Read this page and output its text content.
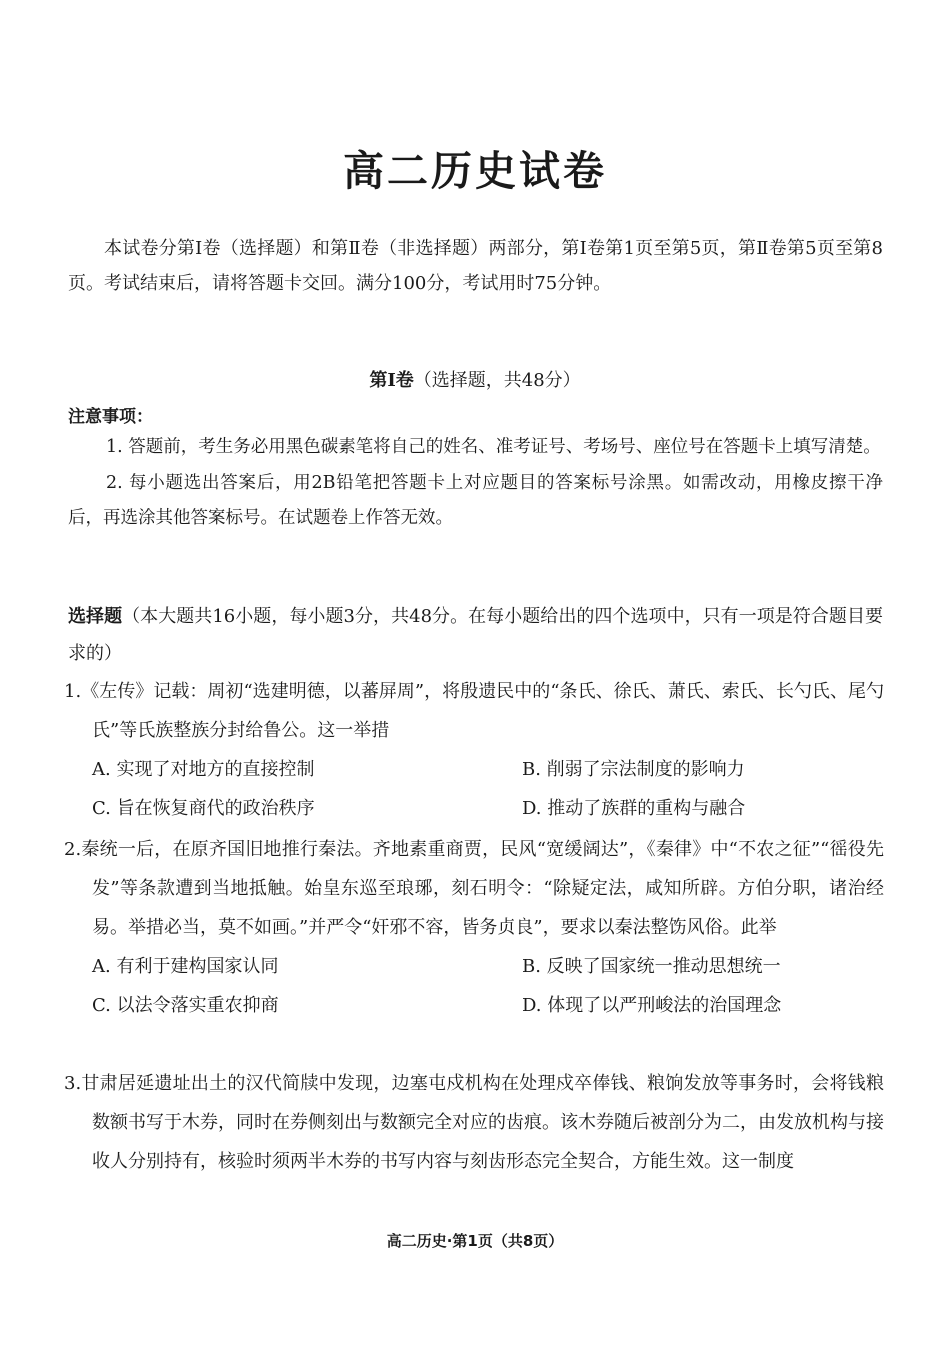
高二历史试卷

本试卷分第Ⅰ卷（选择题）和第Ⅱ卷（非选择题）两部分，第Ⅰ卷第1页至第5页，第Ⅱ卷第5页至第8页。考试结束后，请将答题卡交回。满分100分，考试用时75分钟。

第Ⅰ卷（选择题，共48分）
注意事项：

1. 答题前，考生务必用黑色碳素笔将自己的姓名、准考证号、考场号、座位号在答题卡上填写清楚。

2. 每小题选出答案后，用2B铅笔把答题卡上对应题目的答案标号涂黑。如需改动，用橡皮擦干净后，再选涂其他答案标号。在试题卷上作答无效。

选择题（本大题共16小题，每小题3分，共48分。在每小题给出的四个选项中，只有一项是符合题目要求的）
1.《左传》记载：周初“选建明德，以蕃屏周”，将殷遗民中的“条氏、徐氏、萧氏、索氏、长勺氏、尾勺氏”等氏族整族分封给鲁公。这一举措
A. 实现了对地方的直接控制	B. 削弱了宗法制度的影响力
C. 旨在恢复商代的政治秩序	D. 推动了族群的重构与融合
2.秦统一后，在原齐国旧地推行秦法。齐地素重商贾，民风“宽缓阔达”，《秦律》中“不农之征”“徭役先发”等条款遭到当地抵触。始皇东巡至琅琊，刻石明令：“除疑定法，咸知所辟。方伯分职，诸治经易。举措必当，莫不如画。”并严令“奸邪不容，皆务贞良”，要求以秦法整饬风俗。此举
A. 有利于建构国家认同	B. 反映了国家统一推动思想统一
C. 以法令落实重农抑商	D. 体现了以严刑峻法的治国理念
3.甘肃居延遗址出土的汉代简牍中发现，边塞屯戍机构在处理戍卒俸钱、粮饷发放等事务时，会将钱粮数额书写于木券，同时在券侧刻出与数额完全对应的齿痕。该木券随后被剖分为二，由发放机构与接收人分别持有，核验时须两半木券的书写内容与刻齿形态完全契合，方能生效。这一制度
高二历史·第1页（共8页）
